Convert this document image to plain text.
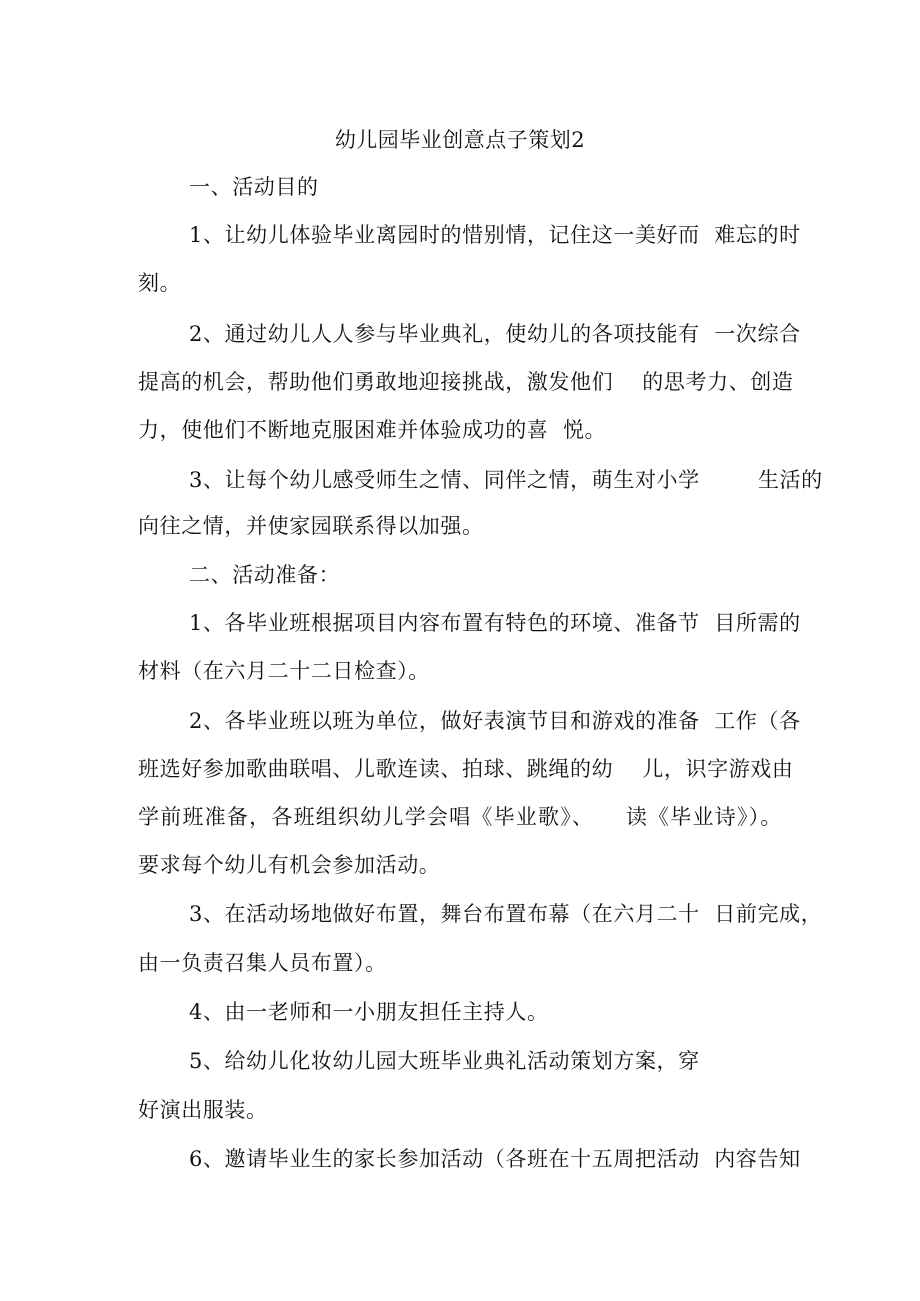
幼儿园毕业创意点子策划2
一、活动目的
1、让幼儿体验毕业离园时的惜别情，记住这一美好而  难忘的时
刻。
2、通过幼儿人人参与毕业典礼，使幼儿的各项技能有  一次综合
提高的机会，帮助他们勇敢地迎接挑战，激发他们    的思考力、创造
力，使他们不断地克服困难并体验成功的喜  悦。
3、让每个幼儿感受师生之情、同伴之情，萌生对小学        生活的
向往之情，并使家园联系得以加强。
二、活动准备：
1、各毕业班根据项目内容布置有特色的环境、准备节  目所需的
材料（在六月二十二日检查）。
2、各毕业班以班为单位，做好表演节目和游戏的准备  工作（各
班选好参加歌曲联唱、儿歌连读、拍球、跳绳的幼    儿，识字游戏由
学前班准备，各班组织幼儿学会唱《毕业歌》、    读《毕业诗》）。
要求每个幼儿有机会参加活动。
3、在活动场地做好布置，舞台布置布幕（在六月二十  日前完成，
由一负责召集人员布置）。
4、由一老师和一小朋友担任主持人。
5、给幼儿化妆幼儿园大班毕业典礼活动策划方案，穿
好演出服装。
6、邀请毕业生的家长参加活动（各班在十五周把活动  内容告知
